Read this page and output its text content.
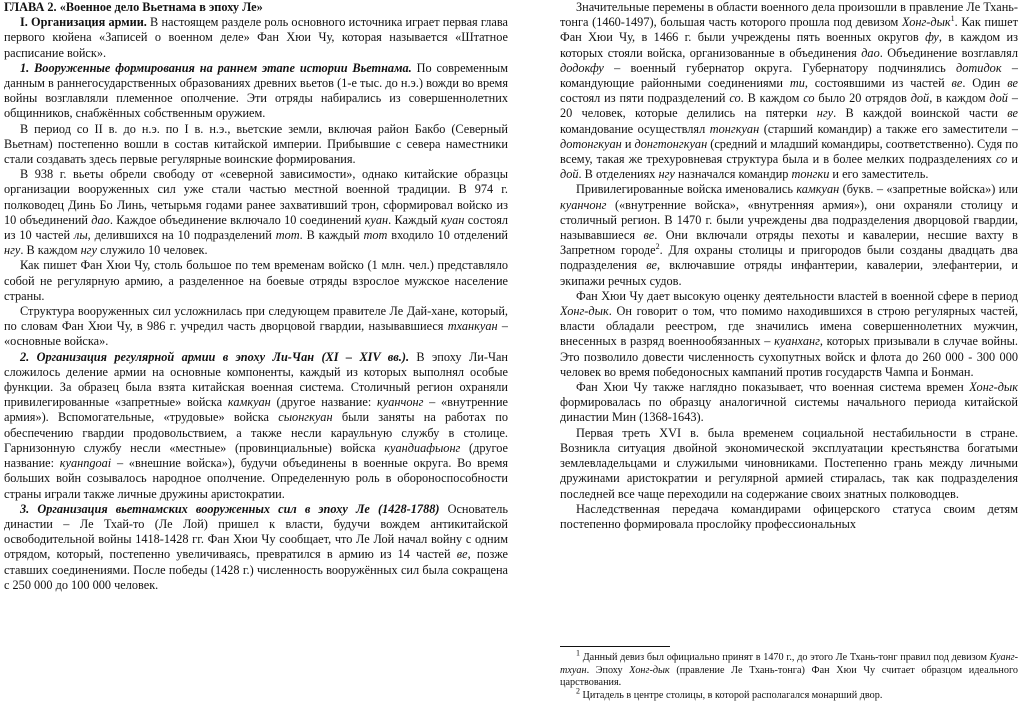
ГЛАВА 2. «Военное дело Вьетнама в эпоху Ле»

I. Организация армии. В настоящем разделе роль основного источника играет первая глава первого кюйена «Записей о военном деле» Фан Хюи Чу, которая называется «Штатное расписание войск».

1. Вооруженные формирования на раннем этапе истории Вьетнама. По современным данным в раннегосударственных образованиях древних вьетов (1-е тыс. до н.э.) вожди во время войны возглавляли племенное ополчение. Эти отряды набирались из совершеннолетних общинников, снабжённых собственным оружием.

В период со II в. до н.э. по I в. н.э., вьетские земли, включая район Бакбо (Северный Вьетнам) постепенно вошли в состав китайской империи. Прибывшие с севера наместники стали создавать здесь первые регулярные воинские формирования.

В 938 г. вьеты обрели свободу от «северной зависимости», однако китайские образцы организации вооруженных сил уже стали частью местной военной традиции. В 974 г. полководец Динь Бо Линь, четырьмя годами ранее захвативший трон, сформировал войско из 10 объединений дао. Каждое объединение включало 10 соединений куан. Каждый куан состоял из 10 частей лы, делившихся на 10 подразделений тот. В каждый тот входило 10 отделений нгу. В каждом нгу служило 10 человек.

Как пишет Фан Хюи Чу, столь большое по тем временам войско (1 млн. чел.) представляло собой не регулярную армию, а разделенное на боевые отряды взрослое мужское население страны.

Структура вооруженных сил усложнилась при следующем правителе Ле Дай-хане, который, по словам Фан Хюи Чу, в 986 г. учредил часть дворцовой гвардии, называвшиеся тханкуан – «основные войска».

2. Организация регулярной армии в эпоху Ли-Чан (XI – XIV вв.). В эпоху Ли-Чан сложилось деление армии на основные компоненты, каждый из которых выполнял особые функции. За образец была взята китайская военная система. Столичный регион охраняли привилегированные «запретные» войска камкуан (другое название: куанчонг – «внутренние армия»). Вспомогательные, «трудовые» войска сыонгкуан были заняты на работах по обеспечению гвардии продовольствием, а также несли караульную службу в столице. Гарнизонную службу несли «местные» (провинциальные) войска куандиафыонг (другое название: куанngoai – «внешние войска»), будучи объединены в военные округа. Во время больших войн созывалось народное ополчение. Определенную роль в обороноспособности страны играли также личные дружины аристократии.

3. Организация вьетнамских вооруженных сил в эпоху Ле (1428-1788) Основатель династии – Ле Тхай-то (Ле Лой) пришел к власти, будучи вождем антикитайской освободительной войны 1418-1428 гг. Фан Хюи Чу сообщает, что Ле Лой начал войну с одним отрядом, который, постепенно увеличиваясь, превратился в армию из 14 частей ве, позже ставших соединениями. После победы (1428 г.) численность вооружённых сил была сокращена с 250 000 до 100 000 человек.

Значительные перемены в области военного дела произошли в правление Ле Тхань-тонга (1460-1497), большая часть которого прошла под девизом Хонг-дык$^1$. Как пишет Фан Хюи Чу, в 1466 г. были учреждены пять военных округов фу, в каждом из которых стояли войска, организованные в объединения дао. Объединение возглавлял додокфу – военный губернатор округа. Губернатору подчинялись дотидок – командующие районными соединениями ти, состоявшими из частей ве. Один ве состоял из пяти подразделений со. В каждом со было 20 отрядов дой, в каждом дой – 20 человек, которые делились на пятерки нгу. В каждой воинской части ве командование осуществлял тонгкуан (старший командир) а также его заместители – дотонгкуан и донгтонгкуан (средний и младший командиры, соответственно). Судя по всему, такая же трехуровневая структура была и в более мелких подразделениях со и дой. В отделениях нгу назначался командир тонгки и его заместитель.

Привилегированные войска именовались камкуан (букв. – «запретные войска») или куанчонг («внутренние войска», «внутренняя армия»), они охраняли столицу и столичный регион. В 1470 г. были учреждены два подразделения дворцовой гвардии, называвшиеся ве. Они включали отряды пехоты и кавалерии, несшие вахту в Запретном городе$^2$. Для охраны столицы и пригородов были созданы двадцать два подразделения ве, включавшие отряды инфантерии, кавалерии, элефантерии, и экипажи речных судов.

Фан Хюи Чу дает высокую оценку деятельности властей в военной сфере в период Хонг-дык. Он говорит о том, что помимо находившихся в строю регулярных частей, власти обладали реестром, где значились имена совершеннолетних мужчин, внесенных в разряд военнообязанных – куанханг, которых призывали в случае войны. Это позволило довести численность сухопутных войск и флота до 260 000 - 300 000 человек во время победоносных кампаний против государств Чампа и Бонман.

Фан Хюи Чу также наглядно показывает, что военная система времен Хонг-дык формировалась по образцу аналогичной системы начального периода китайской династии Мин (1368-1643).

Первая треть XVI в. была временем социальной нестабильности в стране. Возникла ситуация двойной экономической эксплуатации крестьянства богатыми землевладельцами и служилыми чиновниками. Постепенно грань между личными дружинами аристократии и регулярной армией стиралась, так как подразделения последней все чаще переходили на содержание своих знатных полководцев.

Наследственная передача командирами офицерского статуса своим детям постепенно формировала прослойку профессиональных

$^1$ Данный девиз был официально принят в 1470 г., до этого Ле Тхань-тонг правил под девизом Куанг-тхуан. Эпоху Хонг-дык (правление Ле Тхань-тонга) Фан Хюи Чу считает образцом идеального царствования.

$^2$ Цитадель в центре столицы, в которой располагался монарший двор.
